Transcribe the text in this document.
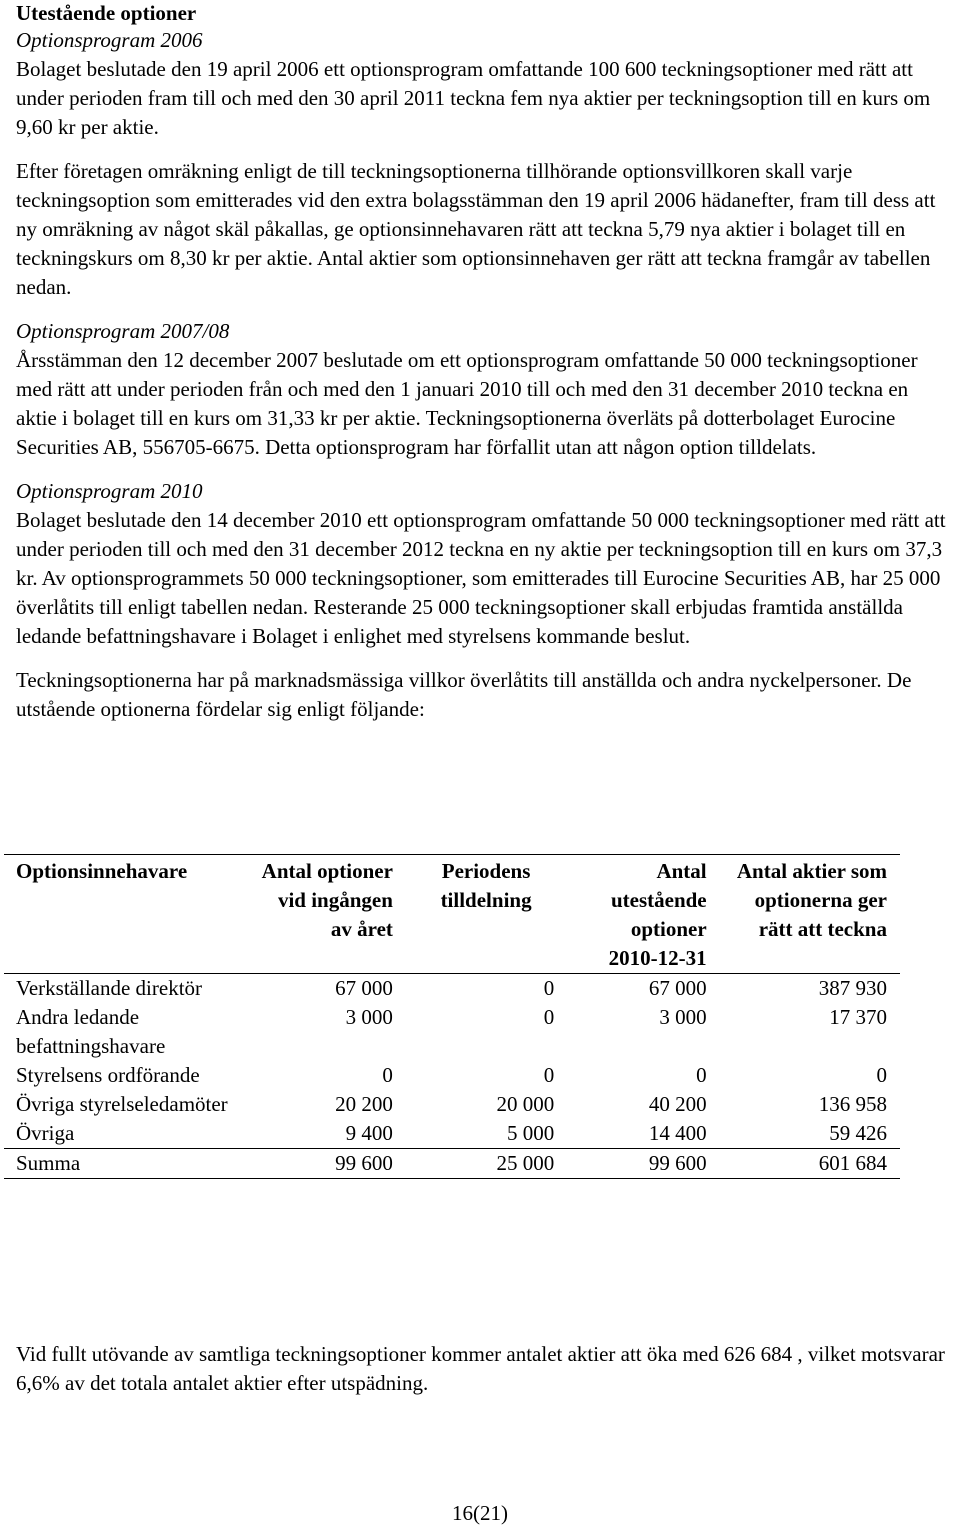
Utestående optioner

Optionsprogram 2006

Bolaget beslutade den 19 april 2006 ett optionsprogram omfattande 100 600 teckningsoptioner med rätt att under perioden fram till och med den 30 april 2011 teckna fem nya aktier per teckningsoption till en kurs om 9,60 kr per aktie.

Efter företagen omräkning enligt de till teckningsoptionerna tillhörande optionsvillkoren skall varje teckningsoption som emitterades vid den extra bolagsstämman den 19 april 2006 hädanefter, fram till dess att ny omräkning av något skäl påkallas, ge optionsinnehavaren rätt att teckna 5,79 nya aktier i bolaget till en teckningskurs om 8,30 kr per aktie. Antal aktier som optionsinnehaven ger rätt att teckna framgår av tabellen nedan.

Optionsprogram 2007/08

Årsstämman den 12 december 2007 beslutade om ett optionsprogram omfattande 50 000 teckningsoptioner med rätt att under perioden från och med den 1 januari 2010 till och med den 31 december 2010 teckna en aktie i bolaget till en kurs om 31,33 kr per aktie. Teckningsoptionerna överläts på dotterbolaget Eurocine Securities AB, 556705-6675. Detta optionsprogram har förfallit utan att någon option tilldelats.

Optionsprogram 2010

Bolaget beslutade den 14 december 2010 ett optionsprogram omfattande 50 000 teckningsoptioner med rätt att under perioden till och med den 31 december 2012 teckna en ny aktie per teckningsoption till en kurs om 37,3 kr. Av optionsprogrammets 50 000 teckningsoptioner, som emitterades till Eurocine Securities AB, har 25 000 överlåtits till enligt tabellen nedan. Resterande 25 000 teckningsoptioner skall erbjudas framtida anställda ledande befattningshavare i Bolaget i enlighet med styrelsens kommande beslut.

Teckningsoptionerna har på marknadsmässiga villkor överlåtits till anställda och andra nyckelpersoner. De utstående optionerna fördelar sig enligt följande:

Optionsinnehavare	Antal optioner vid ingången av året	Periodens tilldelning	Antal utestående optioner 2010-12-31	Antal aktier som optionerna ger rätt att teckna
Verkställande direktör	67 000	0	67 000	387 930
Andra ledande befattningshavare	3 000	0	3 000	17 370
Styrelsens ordförande	0	0	0	0
Övriga styrelseledamöter	20 200	20 000	40 200	136 958
Övriga	9 400	5 000	14 400	59 426
Summa	99 600	25 000	99 600	601 684

Vid fullt utövande av samtliga teckningsoptioner kommer antalet aktier att öka med 626 684 , vilket motsvarar 6,6% av det totala antalet aktier efter utspädning.

16(21)
